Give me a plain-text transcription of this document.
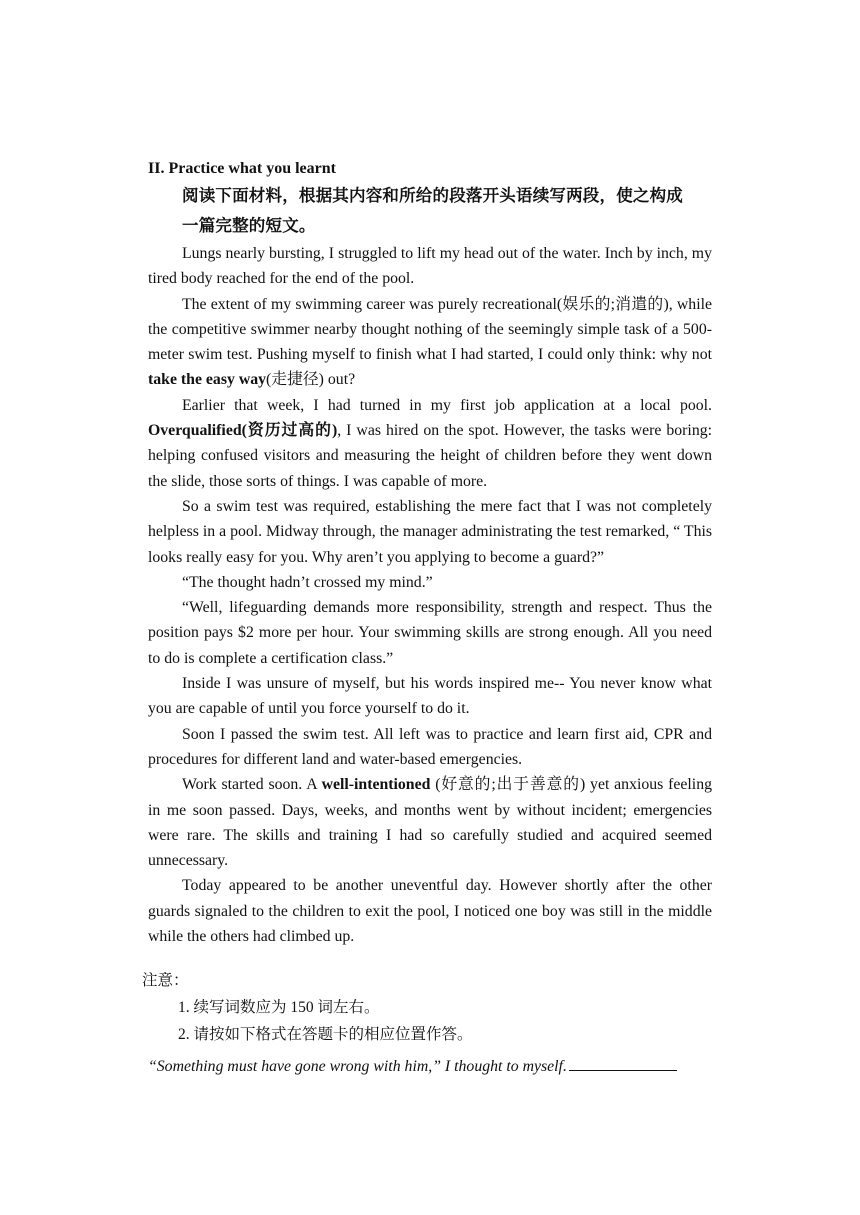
II. Practice what you learnt

阅读下面材料，根据其内容和所给的段落开头语续写两段，使之构成

一篇完整的短文。

Lungs nearly bursting, I struggled to lift my head out of the water. Inch by inch, my tired body reached for the end of the pool.

The extent of my swimming career was purely recreational(娱乐的;消遣的), while the competitive swimmer nearby thought nothing of the seemingly simple task of a 500-meter swim test. Pushing myself to finish what I had started, I could only think: why not take the easy way(走捷径) out?

Earlier that week, I had turned in my first job application at a local pool. Overqualified(资历过高的), I was hired on the spot. However, the tasks were boring: helping confused visitors and measuring the height of children before they went down the slide, those sorts of things. I was capable of more.

So a swim test was required, establishing the mere fact that I was not completely helpless in a pool. Midway through, the manager administrating the test remarked, “ This looks really easy for you. Why aren’t you applying to become a guard?”

“The thought hadn’t crossed my mind.”

“Well, lifeguarding demands more responsibility, strength and respect. Thus the position pays $2 more per hour. Your swimming skills are strong enough. All you need to do is complete a certification class.”

Inside I was unsure of myself, but his words inspired me-- You never know what you are capable of until you force yourself to do it.

Soon I passed the swim test. All left was to practice and learn first aid, CPR and procedures for different land and water-based emergencies.

Work started soon. A well-intentioned (好意的;出于善意的) yet anxious feeling in me soon passed. Days, weeks, and months went by without incident; emergencies were rare. The skills and training I had so carefully studied and acquired seemed unnecessary.

Today appeared to be another uneventful day. However shortly after the other guards signaled to the children to exit the pool, I noticed one boy was still in the middle while the others had climbed up.

注意：
1. 续写词数应为 150 词左右。
2. 请按如下格式在答题卡的相应位置作答。
“Something must have gone wrong with him,” I thought to myself.
